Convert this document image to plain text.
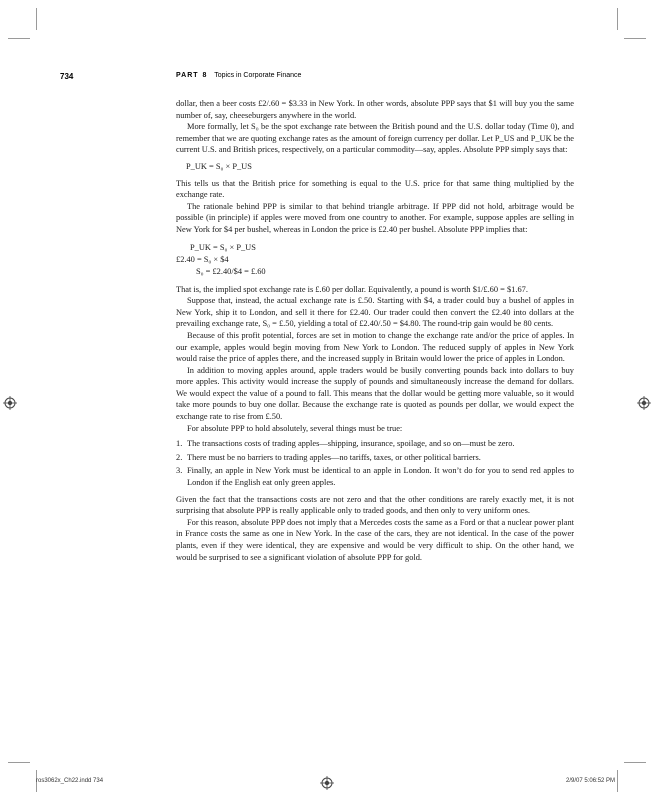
734	PART 8 Topics in Corporate Finance

dollar, then a beer costs £2/.60 = $3.33 in New York. In other words, absolute PPP says that $1 will buy you the same number of, say, cheeseburgers anywhere in the world.

More formally, let S₀ be the spot exchange rate between the British pound and the U.S. dollar today (Time 0), and remember that we are quoting exchange rates as the amount of foreign currency per dollar. Let P_US and P_UK be the current U.S. and British prices, respectively, on a particular commodity—say, apples. Absolute PPP simply says that:

P_UK = S₀ × P_US

This tells us that the British price for something is equal to the U.S. price for that same thing multiplied by the exchange rate.

The rationale behind PPP is similar to that behind triangle arbitrage. If PPP did not hold, arbitrage would be possible (in principle) if apples were moved from one country to another. For example, suppose apples are selling in New York for $4 per bushel, whereas in London the price is £2.40 per bushel. Absolute PPP implies that:

P_UK = S₀ × P_US
£2.40 = S₀ × $4
S₀ = £2.40/$4 = £.60

That is, the implied spot exchange rate is £.60 per dollar. Equivalently, a pound is worth $1/£.60 = $1.67.

Suppose that, instead, the actual exchange rate is £.50. Starting with $4, a trader could buy a bushel of apples in New York, ship it to London, and sell it there for £2.40. Our trader could then convert the £2.40 into dollars at the prevailing exchange rate, S₀ = £.50, yielding a total of £2.40/.50 = $4.80. The round-trip gain would be 80 cents.

Because of this profit potential, forces are set in motion to change the exchange rate and/or the price of apples. In our example, apples would begin moving from New York to London. The reduced supply of apples in New York would raise the price of apples there, and the increased supply in Britain would lower the price of apples in London.

In addition to moving apples around, apple traders would be busily converting pounds back into dollars to buy more apples. This activity would increase the supply of pounds and simultaneously increase the demand for dollars. We would expect the value of a pound to fall. This means that the dollar would be getting more valuable, so it would take more pounds to buy one dollar. Because the exchange rate is quoted as pounds per dollar, we would expect the exchange rate to rise from £.50.

For absolute PPP to hold absolutely, several things must be true:

1. The transactions costs of trading apples—shipping, insurance, spoilage, and so on—must be zero.
2. There must be no barriers to trading apples—no tariffs, taxes, or other political barriers.
3. Finally, an apple in New York must be identical to an apple in London. It won’t do for you to send red apples to London if the English eat only green apples.

Given the fact that the transactions costs are not zero and that the other conditions are rarely exactly met, it is not surprising that absolute PPP is really applicable only to traded goods, and then only to very uniform ones.

For this reason, absolute PPP does not imply that a Mercedes costs the same as a Ford or that a nuclear power plant in France costs the same as one in New York. In the case of the cars, they are not identical. In the case of the power plants, even if they were identical, they are expensive and would be very difficult to ship. On the other hand, we would be surprised to see a significant violation of absolute PPP for gold.

ros3062x_Ch22.indd 734	2/9/07 5:06:52 PM
